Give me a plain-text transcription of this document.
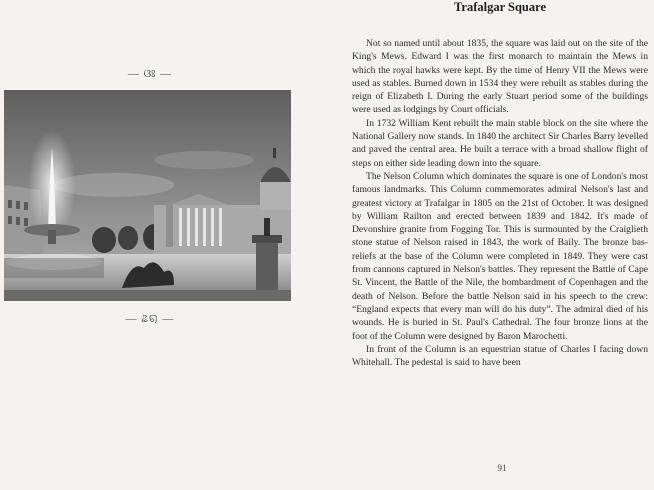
— ଓଃ —
— ଌୠ —
Trafalgar Square

Not so named until about 1835, the square was laid out on the site of the King's Mews. Edward I was the first monarch to maintain the Mews in which the royal hawks were kept. By the time of Henry VII the Mews were used as stables. Burned down in 1534 they were rebuilt as stables during the reign of Elizabeth I. During the early Stuart period some of the buildings were used as lodgings by Court officials.

In 1732 William Kent rebuilt the main stable block on the site where the National Gallery now stands. In 1840 the architect Sir Charles Barry levelled and paved the central area. He built a terrace with a broad shallow flight of steps on either side leading down into the square.

The Nelson Column which dominates the square is one of London's most famous landmarks. This Column commemorates admiral Nelson's last and greatest victory at Trafalgar in 1805 on the 21st of October. It was designed by William Railton and erected between 1839 and 1842. It's made of Devonshire granite from Fogging Tor. This is surmounted by the Craiglieth stone statue of Nelson raised in 1843, the work of Baily. The bronze bas-reliefs at the base of the Column were completed in 1849. They were cast from cannons captured in Nelson's battles. They represent the Battle of Cape St. Vincent, the Battle of the Nile, the bombardment of Copenhagen and the death of Nelson. Before the battle Nelson said in his speech to the crew: “England expects that every man will do his duty”. The admiral died of his wounds. He is buried in St. Paul's Cathedral. The four bronze lions at the foot of the Column were designed by Baron Marochetti.

In front of the Column is an equestrian statue of Charles I facing down Whitehall. The pedestal is said to have been

91
